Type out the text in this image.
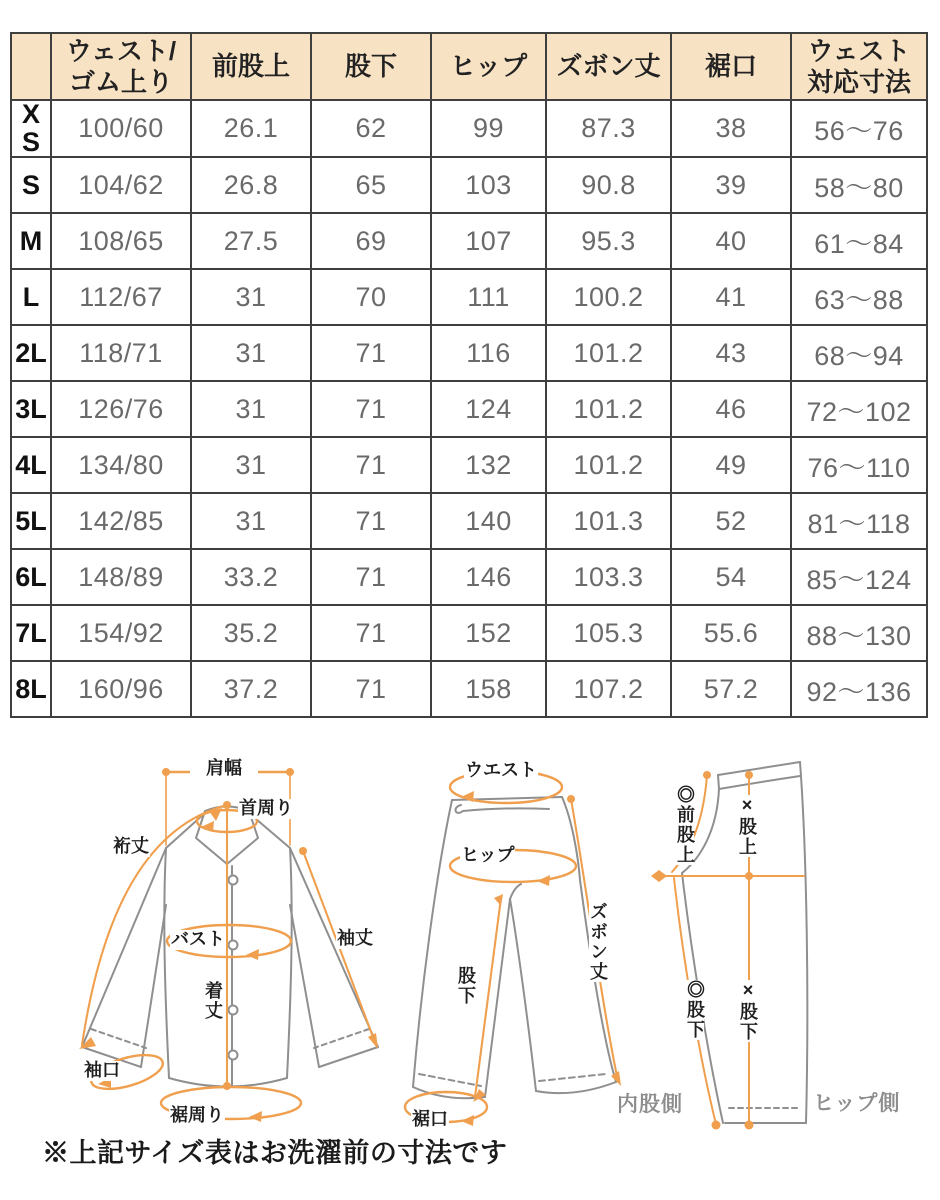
	ウェスト/ゴム上り	前股上	股下	ヒップ	ズボン丈	裾口	ウェスト対応寸法
XS	100/60	26.1	62	99	87.3	38	56〜76
S	104/62	26.8	65	103	90.8	39	58〜80
M	108/65	27.5	69	107	95.3	40	61〜84
L	112/67	31	70	111	100.2	41	63〜88
2L	118/71	31	71	116	101.2	43	68〜94
3L	126/76	31	71	124	101.2	46	72〜102
4L	134/80	31	71	132	101.2	49	76〜110
5L	142/85	31	71	140	101.3	52	81〜118
6L	148/89	33.2	71	146	103.3	54	85〜124
7L	154/92	35.2	71	152	105.3	55.6	88〜130
8L	160/96	37.2	71	158	107.2	57.2	92〜136
肩幅
首周り
裄丈
バスト	袖丈
着丈
袖口
裾周り
ウエスト
ヒップ
ズボン丈
股下
裾口
◎前股上 ×股上
◎股下 ×股下
内股側	ヒップ側
※上記サイズ表はお洗濯前の寸法です
